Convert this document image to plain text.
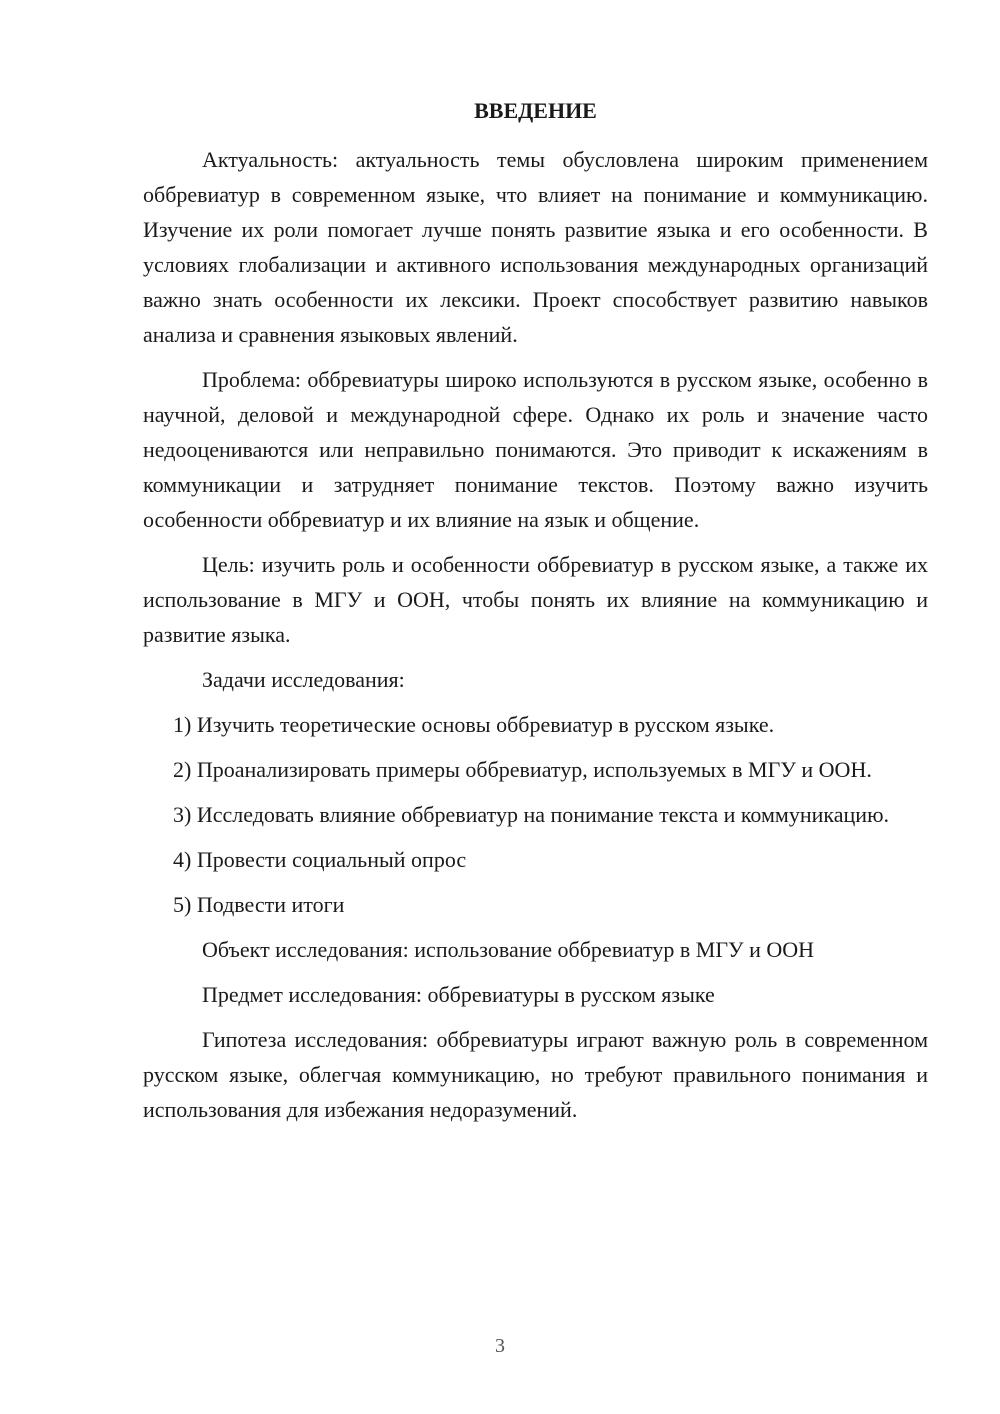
ВВЕДЕНИЕ

Актуальность: актуальность темы обусловлена широким применением оббревиатур в современном языке, что влияет на понимание и коммуникацию. Изучение их роли помогает лучше понять развитие языка и его особенности. В условиях глобализации и активного использования международных организаций важно знать особенности их лексики. Проект способствует развитию навыков анализа и сравнения языковых явлений.

Проблема: оббревиатуры широко используются в русском языке, особенно в научной, деловой и международной сфере. Однако их роль и значение часто недооцениваются или неправильно понимаются. Это приводит к искажениям в коммуникации и затрудняет понимание текстов. Поэтому важно изучить особенности оббревиатур и их влияние на язык и общение.

Цель: изучить роль и особенности оббревиатур в русском языке, а также их использование в МГУ и ООН, чтобы понять их влияние на коммуникацию и развитие языка.

Задачи исследования:

1) Изучить теоретические основы оббревиатур в русском языке.

2) Проанализировать примеры оббревиатур, используемых в МГУ и ООН.

3) Исследовать влияние оббревиатур на понимание текста и коммуникацию.

4) Провести социальный опрос

5) Подвести итоги

Объект исследования: использование оббревиатур в МГУ и ООН

Предмет исследования: оббревиатуры в русском языке

Гипотеза исследования: оббревиатуры играют важную роль в современном русском языке, облегчая коммуникацию, но требуют правильного понимания и использования для избежания недоразумений.

3
